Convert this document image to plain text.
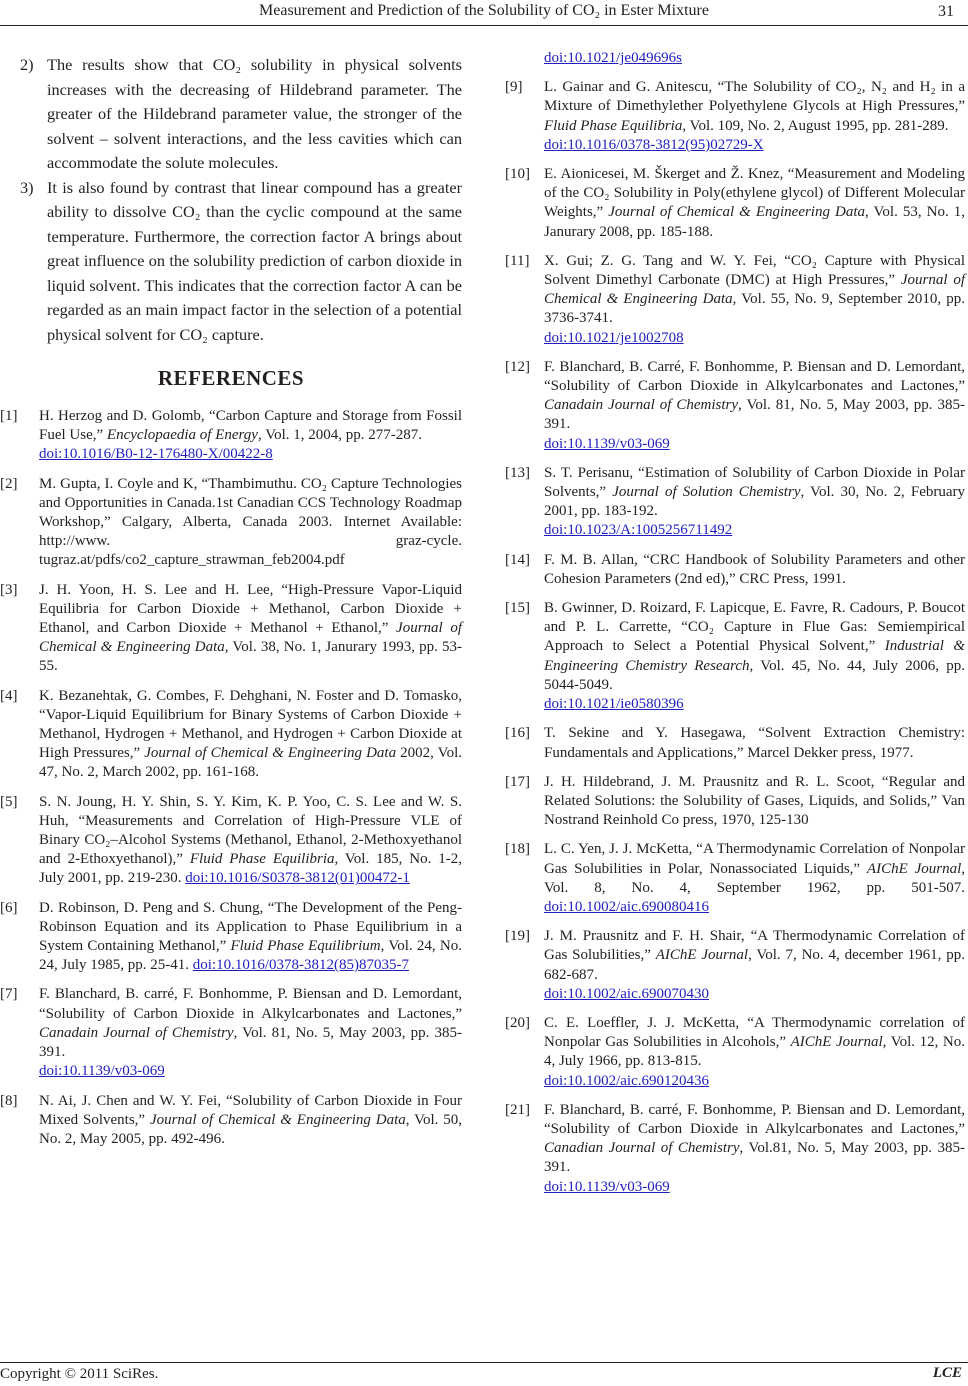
Measurement and Prediction of the Solubility of CO₂ in Ester Mixture	31
2) The results show that CO₂ solubility in physical solvents increases with the decreasing of Hildebrand parameter. The greater of the Hildebrand parameter value, the stronger of the solvent – solvent interactions, and the less cavities which can accommodate the solute molecules.
3) It is also found by contrast that linear compound has a greater ability to dissolve CO₂ than the cyclic compound at the same temperature. Furthermore, the correction factor A brings about great influence on the solubility prediction of carbon dioxide in liquid solvent. This indicates that the correction factor A can be regarded as an main impact factor in the selection of a potential physical solvent for CO₂ capture.
REFERENCES
[1]	H. Herzog and D. Golomb, “Carbon Capture and Storage from Fossil Fuel Use,” Encyclopaedia of Energy, Vol. 1, 2004, pp. 277-287.
doi:10.1016/B0-12-176480-X/00422-8
[2]	M. Gupta, I. Coyle and K, “Thambimuthu. CO₂ Capture Technologies and Opportunities in Canada.1st Canadian CCS Technology Roadmap Workshop,” Calgary, Alberta, Canada 2003. Internet Available: http://www. graz-cycle. tugraz.at/pdfs/co2_capture_strawman_feb2004.pdf
[3]	J. H. Yoon, H. S. Lee and H. Lee, “High-Pressure Vapor-Liquid Equilibria for Carbon Dioxide + Methanol, Carbon Dioxide + Ethanol, and Carbon Dioxide + Methanol + Ethanol,” Journal of Chemical & Engineering Data, Vol. 38, No. 1, Janurary 1993, pp. 53-55.
[4]	K. Bezanehtak, G. Combes, F. Dehghani, N. Foster and D. Tomasko, “Vapor-Liquid Equilibrium for Binary Systems of Carbon Dioxide + Methanol, Hydrogen + Methanol, and Hydrogen + Carbon Dioxide at High Pressures,” Journal of Chemical & Engineering Data 2002, Vol. 47, No. 2, March 2002, pp. 161-168.
[5]	S. N. Joung, H. Y. Shin, S. Y. Kim, K. P. Yoo, C. S. Lee and W. S. Huh, “Measurements and Correlation of High-Pressure VLE of Binary CO₂–Alcohol Systems (Methanol, Ethanol, 2-Methoxyethanol and 2-Ethoxyethanol),” Fluid Phase Equilibria, Vol. 185, No. 1-2, July 2001, pp. 219-230. doi:10.1016/S0378-3812(01)00472-1
[6]	D. Robinson, D. Peng and S. Chung, “The Development of the Peng-Robinson Equation and its Application to Phase Equilibrium in a System Containing Methanol,” Fluid Phase Equilibrium, Vol. 24, No. 24, July 1985, pp. 25-41. doi:10.1016/0378-3812(85)87035-7
[7]	F. Blanchard, B. carré, F. Bonhomme, P. Biensan and D. Lemordant, “Solubility of Carbon Dioxide in Alkylcarbonates and Lactones,” Canadain Journal of Chemistry, Vol. 81, No. 5, May 2003, pp. 385-391.
doi:10.1139/v03-069
[8]	N. Ai, J. Chen and W. Y. Fei, “Solubility of Carbon Dioxide in Four Mixed Solvents,” Journal of Chemical & Engineering Data, Vol. 50, No. 2, May 2005, pp. 492-496.
doi:10.1021/je049696s
[9]	L. Gainar and G. Anitescu, “The Solubility of CO₂, N₂ and H₂ in a Mixture of Dimethylether Polyethylene Glycols at High Pressures,” Fluid Phase Equilibria, Vol. 109, No. 2, August 1995, pp. 281-289.
doi:10.1016/0378-3812(95)02729-X
[10] E. Aionicesei, M. Škerget and Ž. Knez, “Measurement and Modeling of the CO₂ Solubility in Poly(ethylene glycol) of Different Molecular Weights,” Journal of Chemical & Engineering Data, Vol. 53, No. 1, Janurary 2008, pp. 185-188.
[11] X. Gui; Z. G. Tang and W. Y. Fei, “CO₂ Capture with Physical Solvent Dimethyl Carbonate (DMC) at High Pressures,” Journal of Chemical & Engineering Data, Vol. 55, No. 9, September 2010, pp. 3736-3741.
doi:10.1021/je1002708
[12] F. Blanchard, B. Carré, F. Bonhomme, P. Biensan and D. Lemordant, “Solubility of Carbon Dioxide in Alkylcarbonates and Lactones,” Canadain Journal of Chemistry, Vol. 81, No. 5, May 2003, pp. 385-391.
doi:10.1139/v03-069
[13] S. T. Perisanu, “Estimation of Solubility of Carbon Dioxide in Polar Solvents,” Journal of Solution Chemistry, Vol. 30, No. 2, February 2001, pp. 183-192.
doi:10.1023/A:1005256711492
[14] F. M. B. Allan, “CRC Handbook of Solubility Parameters and other Cohesion Parameters (2nd ed),” CRC Press, 1991.
[15] B. Gwinner, D. Roizard, F. Lapicque, E. Favre, R. Cadours, P. Boucot and P. L. Carrette, “CO₂ Capture in Flue Gas: Semiempirical Approach to Select a Potential Physical Solvent,” Industrial & Engineering Chemistry Research, Vol. 45, No. 44, July 2006, pp. 5044-5049.
doi:10.1021/ie0580396
[16] T. Sekine and Y. Hasegawa, “Solvent Extraction Chemistry: Fundamentals and Applications,” Marcel Dekker press, 1977.
[17] J. H. Hildebrand, J. M. Prausnitz and R. L. Scoot, “Regular and Related Solutions: the Solubility of Gases, Liquids, and Solids,” Van Nostrand Reinhold Co press, 1970, 125-130
[18] L. C. Yen, J. J. McKetta, “A Thermodynamic Correlation of Nonpolar Gas Solubilities in Polar, Nonassociated Liquids,” AIChE Journal, Vol. 8, No. 4, September 1962, pp. 501-507. doi:10.1002/aic.690080416
[19] J. M. Prausnitz and F. H. Shair, “A Thermodynamic Correlation of Gas Solubilities,” AIChE Journal, Vol. 7, No. 4, december 1961, pp. 682-687.
doi:10.1002/aic.690070430
[20] C. E. Loeffler, J. J. McKetta, “A Thermodynamic correlation of Nonpolar Gas Solubilities in Alcohols,” AIChE Journal, Vol. 12, No. 4, July 1966, pp. 813-815.
doi:10.1002/aic.690120436
[21] F. Blanchard, B. carré, F. Bonhomme, P. Biensan and D. Lemordant, “Solubility of Carbon Dioxide in Alkylcarbonates and Lactones,” Canadian Journal of Chemistry, Vol.81, No. 5, May 2003, pp. 385-391.
doi:10.1139/v03-069
Copyright © 2011 SciRes.	LCE
